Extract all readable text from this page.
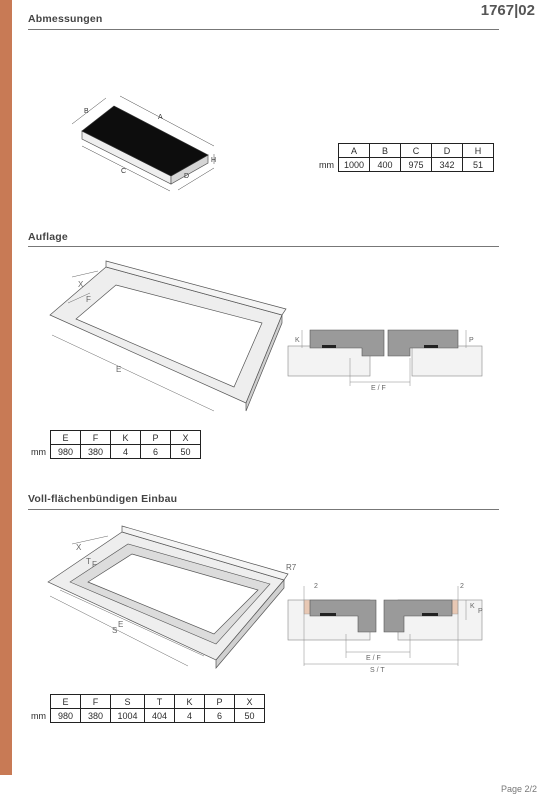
1767|02
Abmessungen
A
B
C
D
H
	A	B	C	D	H
mm	1000	400	975	342	51
Auflage
X
F
E
K	P
E / F
	E	F	K	P	X
mm	980	380	4	6	50
Voll-flächenbündigen Einbau
X
T F
S
E
R7
2	2
K
P
E / F
S / T
	E	F	S	T	K	P	X
mm	980	380	1004	404	4	6	50
Page 2/2
